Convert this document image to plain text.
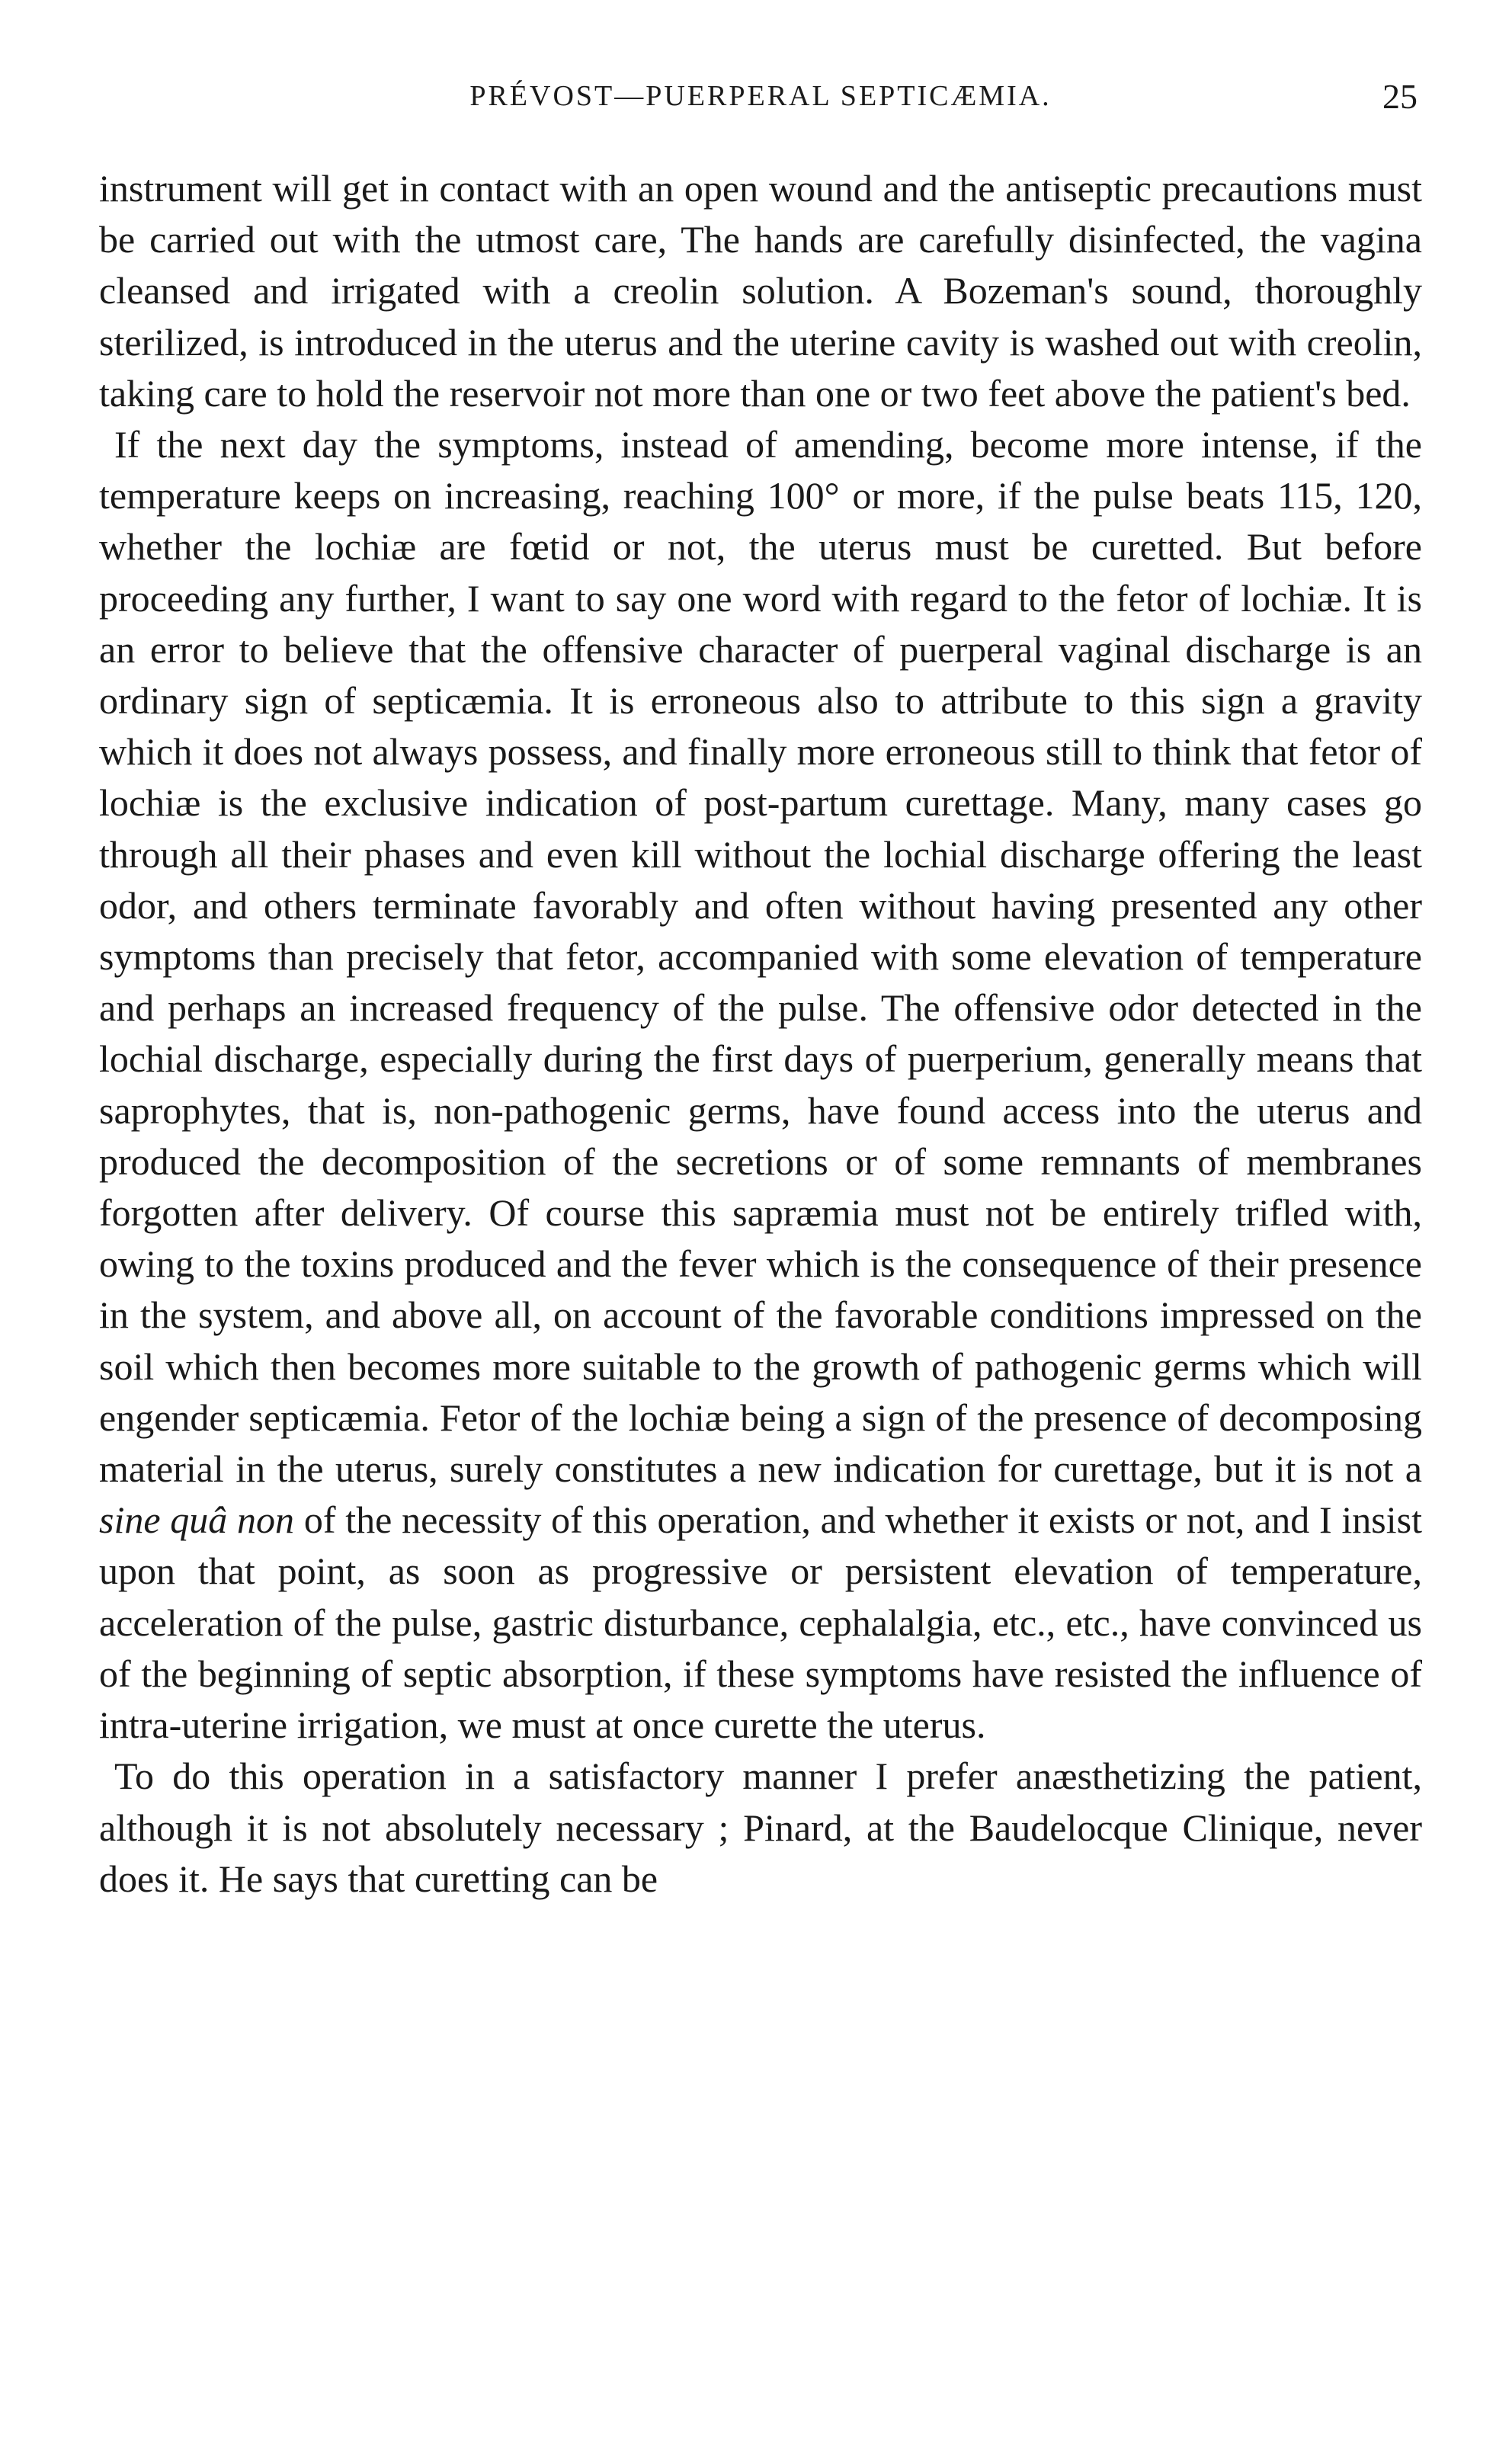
PRÉVOST—PUERPERAL SEPTICÆMIA.	25

instrument will get in contact with an open wound and the antiseptic precautions must be carried out with the utmost care, The hands are carefully disinfected, the vagina cleansed and irrigated with a creolin solution. A Bozeman's sound, thoroughly sterilized, is introduced in the uterus and the uterine cavity is washed out with creolin, taking care to hold the reservoir not more than one or two feet above the patient's bed.

If the next day the symptoms, instead of amending, become more intense, if the temperature keeps on increasing, reaching 100° or more, if the pulse beats 115, 120, whether the lochiæ are fœtid or not, the uterus must be curetted. But before proceeding any further, I want to say one word with regard to the fetor of lochiæ. It is an error to believe that the offensive character of puerperal vaginal discharge is an ordinary sign of septicæmia. It is erroneous also to attribute to this sign a gravity which it does not always possess, and finally more erroneous still to think that fetor of lochiæ is the exclusive indication of post-partum curettage. Many, many cases go through all their phases and even kill without the lochial discharge offering the least odor, and others terminate favorably and often without having presented any other symptoms than precisely that fetor, accompanied with some elevation of temperature and perhaps an increased frequency of the pulse. The offensive odor detected in the lochial discharge, especially during the first days of puerperium, generally means that saprophytes, that is, non-pathogenic germs, have found access into the uterus and produced the decomposition of the secretions or of some remnants of membranes forgotten after delivery. Of course this sapræmia must not be entirely trifled with, owing to the toxins produced and the fever which is the consequence of their presence in the system, and above all, on account of the favorable conditions impressed on the soil which then becomes more suitable to the growth of pathogenic germs which will engender septicæmia. Fetor of the lochiæ being a sign of the presence of decomposing material in the uterus, surely constitutes a new indication for curettage, but it is not a sine quâ non of the necessity of this operation, and whether it exists or not, and I insist upon that point, as soon as progressive or persistent elevation of temperature, acceleration of the pulse, gastric disturbance, cephalalgia, etc., etc., have convinced us of the beginning of septic absorption, if these symptoms have resisted the influence of intra-uterine irrigation, we must at once curette the uterus.

To do this operation in a satisfactory manner I prefer anæsthetizing the patient, although it is not absolutely necessary ; Pinard, at the Baudelocque Clinique, never does it. He says that curetting can be
